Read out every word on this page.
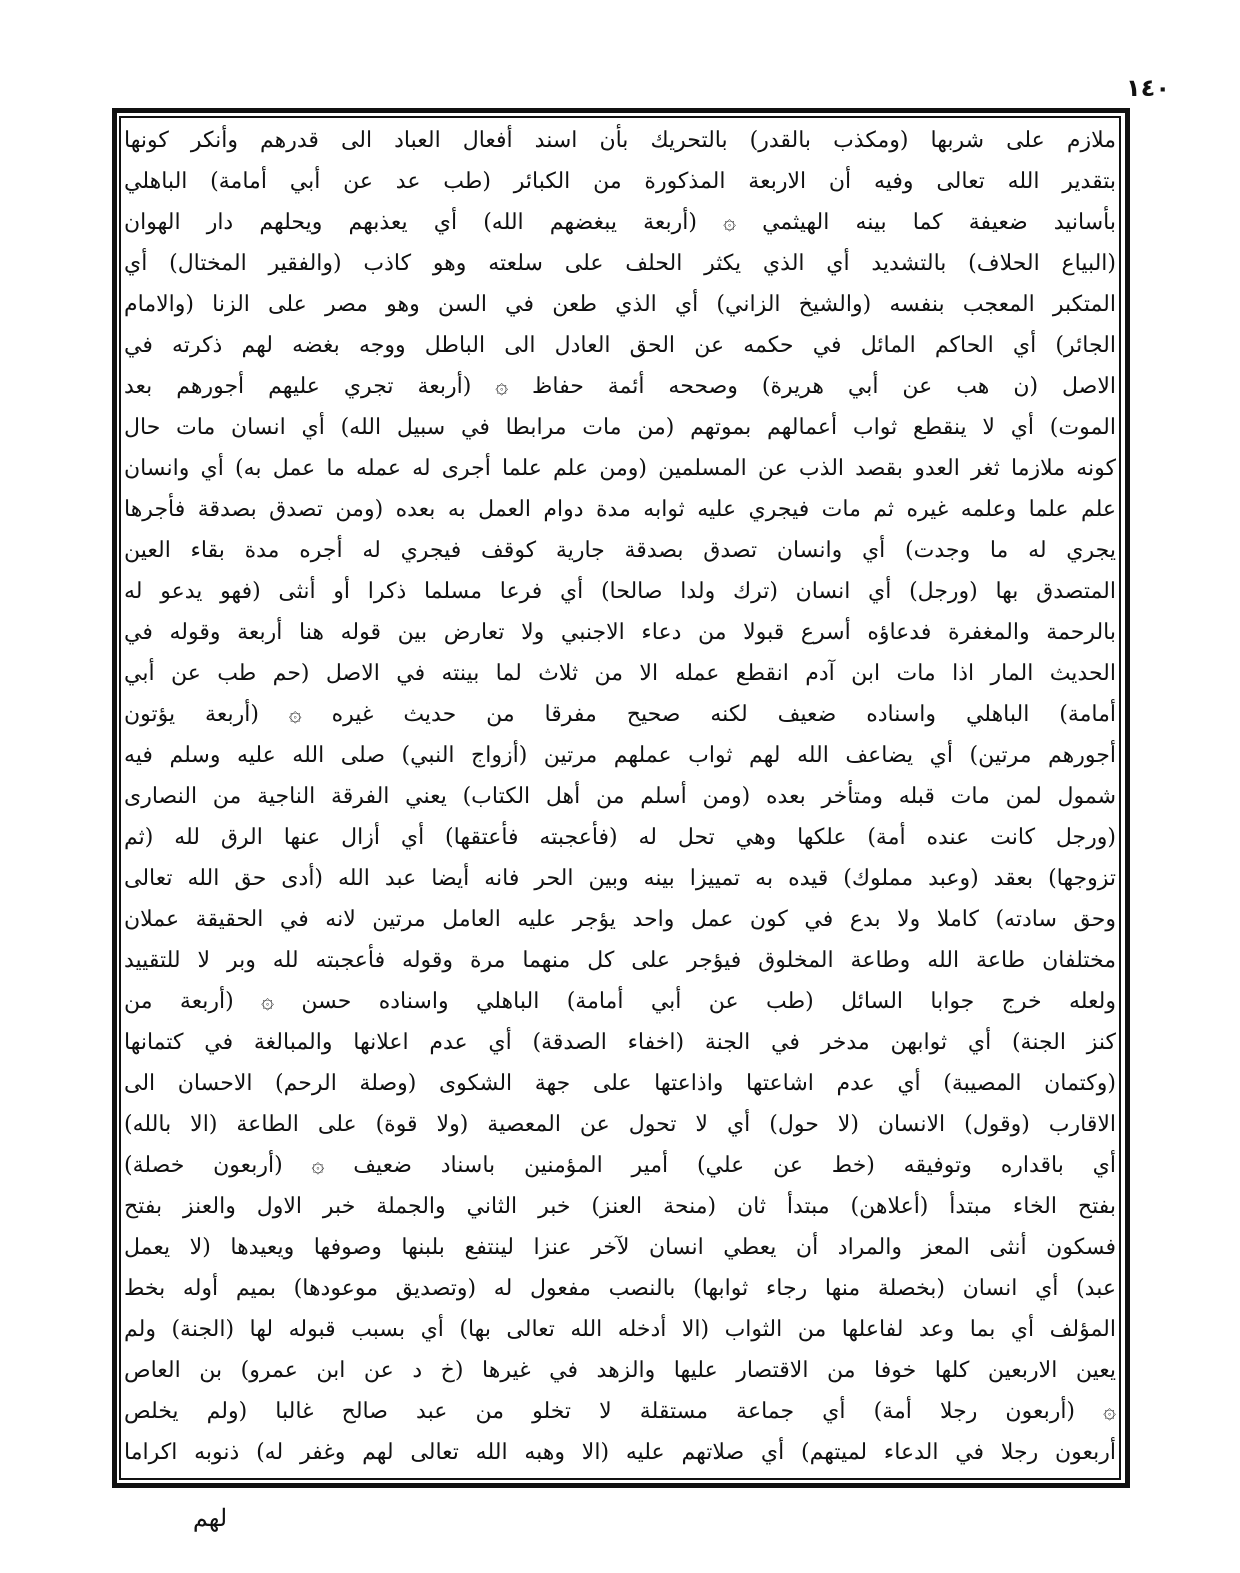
١٤٠
ملازم على شربها (ومكذب بالقدر) بالتحريك بأن اسند أفعال العباد الى قدرهم وأنكر كونها
بتقدير الله تعالى وفيه أن الاربعة المذكورة من الكبائر (طب عد عن أبي أمامة) الباهلي
بأسانيد ضعيفة كما بينه الهيثمي ۞ (أربعة يبغضهم الله) أي يعذبهم ويحلهم دار الهوان
(البياع الحلاف) بالتشديد أي الذي يكثر الحلف على سلعته وهو كاذب (والفقير المختال) أي
المتكبر المعجب بنفسه (والشيخ الزاني) أي الذي طعن في السن وهو مصر على الزنا (والامام
الجائر) أي الحاكم المائل في حكمه عن الحق العادل الى الباطل ووجه بغضه لهم ذكرته في
الاصل (ن هب عن أبي هريرة) وصححه أئمة حفاظ ۞ (أربعة تجري عليهم أجورهم بعد
الموت) أي لا ينقطع ثواب أعمالهم بموتهم (من مات مرابطا في سبيل الله) أي انسان مات حال
كونه ملازما ثغر العدو بقصد الذب عن المسلمين (ومن علم علما أجرى له عمله ما عمل به) أي وانسان
علم علما وعلمه غيره ثم مات فيجري عليه ثوابه مدة دوام العمل به بعده (ومن تصدق بصدقة فأجرها
يجري له ما وجدت) أي وانسان تصدق بصدقة جارية كوقف فيجري له أجره مدة بقاء العين
المتصدق بها (ورجل) أي انسان (ترك ولدا صالحا) أي فرعا مسلما ذكرا أو أنثى (فهو يدعو له
بالرحمة والمغفرة فدعاؤه أسرع قبولا من دعاء الاجنبي ولا تعارض بين قوله هنا أربعة وقوله في
الحديث المار اذا مات ابن آدم انقطع عمله الا من ثلاث لما بينته في الاصل (حم طب عن أبي
أمامة) الباهلي واسناده ضعيف لكنه صحيح مفرقا من حديث غيره ۞ (أربعة يؤتون
أجورهم مرتين) أي يضاعف الله لهم ثواب عملهم مرتين (أزواج النبي) صلى الله عليه وسلم فيه
شمول لمن مات قبله ومتأخر بعده (ومن أسلم من أهل الكتاب) يعني الفرقة الناجية من النصارى
(ورجل كانت عنده أمة) علكها وهي تحل له (فأعجبته فأعتقها) أي أزال عنها الرق لله (ثم
تزوجها) بعقد (وعبد مملوك) قيده به تمييزا بينه وبين الحر فانه أيضا عبد الله (أدى حق الله تعالى
وحق سادته) كاملا ولا بدع في كون عمل واحد يؤجر عليه العامل مرتين لانه في الحقيقة عملان
مختلفان طاعة الله وطاعة المخلوق فيؤجر على كل منهما مرة وقوله فأعجبته لله وبر لا للتقييد
ولعله خرج جوابا السائل (طب عن أبي أمامة) الباهلي واسناده حسن ۞ (أربعة من
كنز الجنة) أي ثوابهن مدخر في الجنة (اخفاء الصدقة) أي عدم اعلانها والمبالغة في كتمانها
(وكتمان المصيبة) أي عدم اشاعتها واذاعتها على جهة الشكوى (وصلة الرحم) الاحسان الى
الاقارب (وقول) الانسان (لا حول) أي لا تحول عن المعصية (ولا قوة) على الطاعة (الا بالله)
أي باقداره وتوفيقه (خط عن علي) أمير المؤمنين باسناد ضعيف ۞ (أربعون خصلة)
بفتح الخاء مبتدأ (أعلاهن) مبتدأ ثان (منحة العنز) خبر الثاني والجملة خبر الاول والعنز بفتح
فسكون أنثى المعز والمراد أن يعطي انسان لآخر عنزا لينتفع بلبنها وصوفها ويعيدها (لا يعمل
عبد) أي انسان (بخصلة منها رجاء ثوابها) بالنصب مفعول له (وتصديق موعودها) بميم أوله بخط
المؤلف أي بما وعد لفاعلها من الثواب (الا أدخله الله تعالى بها) أي بسبب قبوله لها (الجنة) ولم
يعين الاربعين كلها خوفا من الاقتصار عليها والزهد في غيرها (خ د عن ابن عمرو) بن العاص
۞ (أربعون رجلا أمة) أي جماعة مستقلة لا تخلو من عبد صالح غالبا (ولم يخلص
أربعون رجلا في الدعاء لميتهم) أي صلاتهم عليه (الا وهبه الله تعالى لهم وغفر له) ذنوبه اكراما
لهم
